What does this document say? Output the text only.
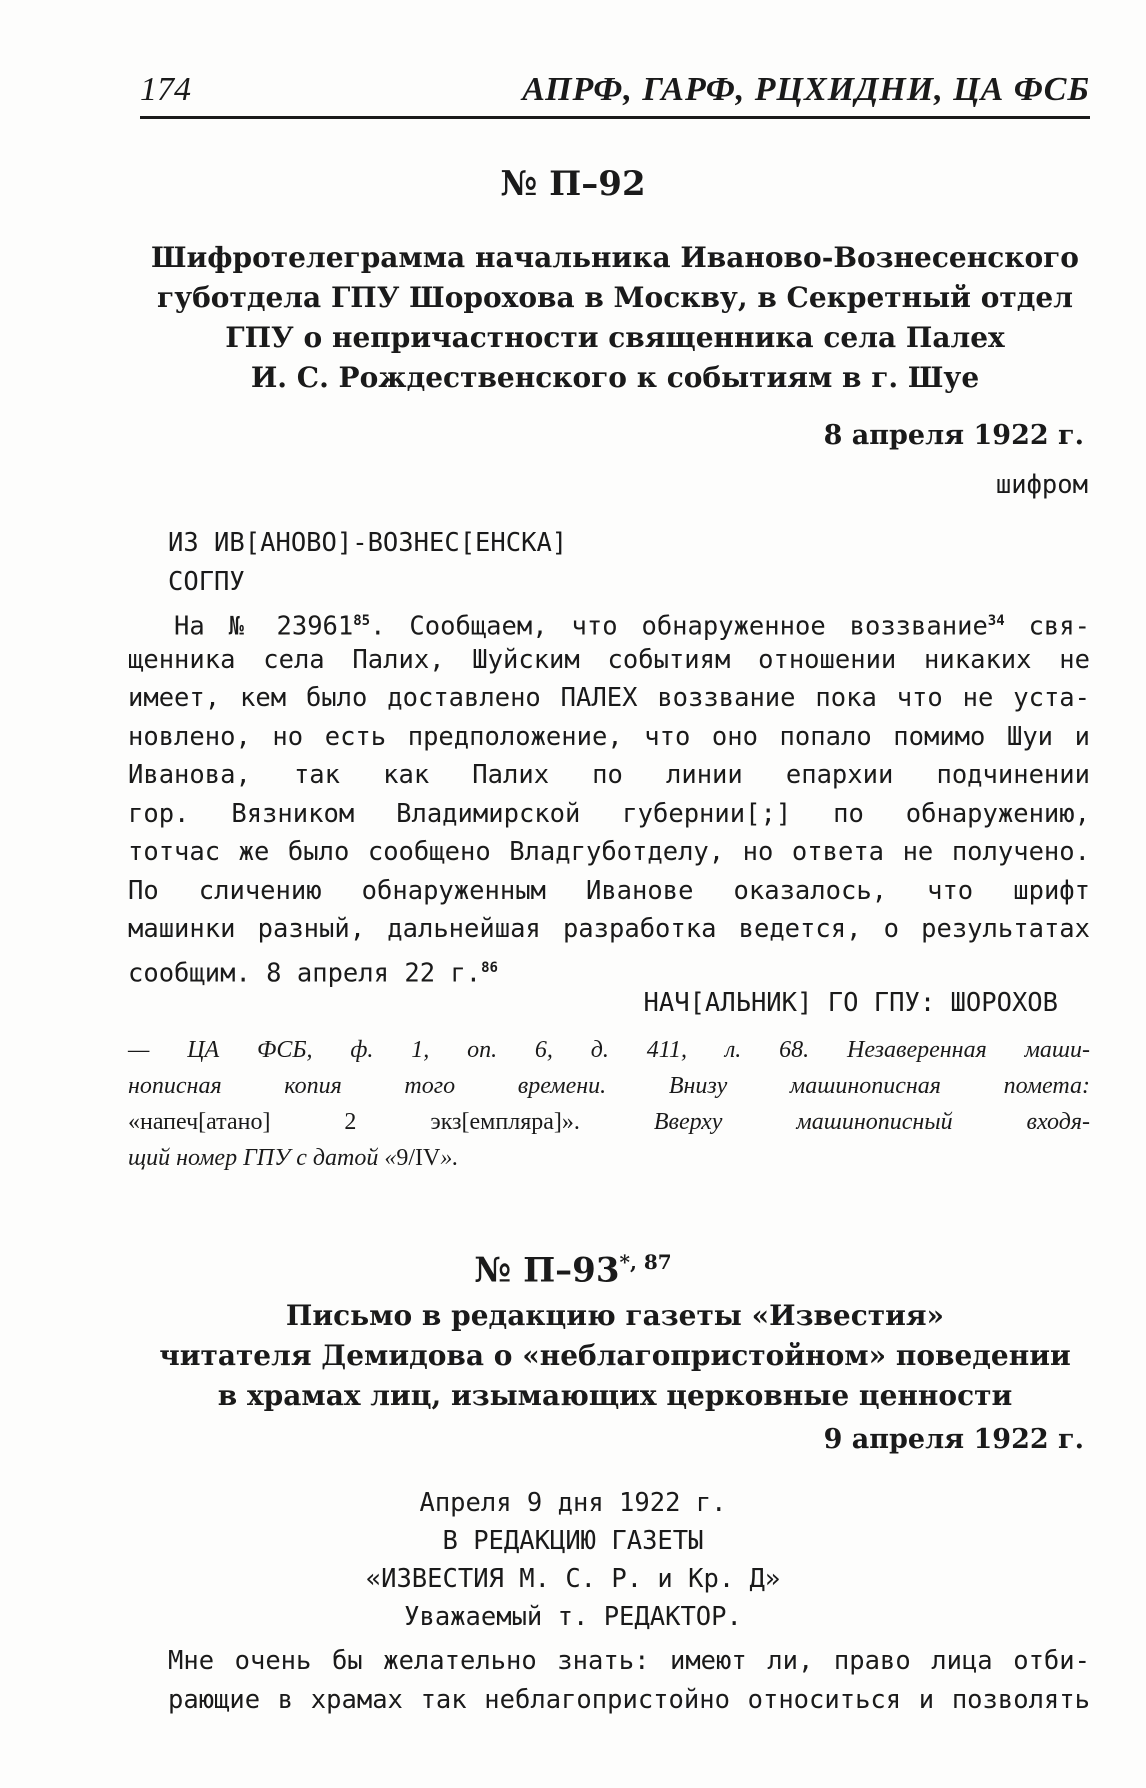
174	АПРФ, ГАРФ, РЦХИДНИ, ЦА ФСБ
№ П–92
Шифротелеграмма начальника Иваново-Вознесенского
губотдела ГПУ Шорохова в Москву, в Секретный отдел
ГПУ о непричастности священника села Палех
И. С. Рождественского к событиям в г. Шуе
8 апреля 1922 г.
шифром
ИЗ ИВ[АНОВО]-ВОЗНЕС[ЕНСКА]
СОГПУ
На № 23961$^{85}$. Сообщаем, что обнаруженное воззвание$^{34}$ свя-
щенника села Палих, Шуйским событиям отношении никаких не
имеет, кем было доставлено ПАЛЕХ воззвание пока что не уста-
новлено, но есть предположение, что оно попало помимо Шуи и
Иванова, так как Палих по линии епархии подчинении
гор. Вязником Владимирской губернии[;] по обнаружению,
тотчас же было сообщено Владгуботделу, но ответа не получено.
По сличению обнаруженным Иванове оказалось, что шрифт
машинки разный, дальнейшая разработка ведется, о результатах
сообщим. 8 апреля 22 г.$^{86}$
НАЧ[АЛЬНИК] ГО ГПУ: ШОРОХОВ
— ЦА ФСБ, ф. 1, оп. 6, д. 411, л. 68. Незаверенная маши-
нописная копия того времени. Внизу машинописная помета:
«напеч[атано] 2 экз[емпляра]». Вверху машинописный входя-
щий номер ГПУ с датой «9/IV».
№ $П-93^{*, 87}$
Письмо в редакцию газеты «Известия»
читателя Демидова о «неблагопристойном» поведении
в храмах лиц, изымающих церковные ценности
9 апреля 1922 г.
Апреля 9 дня 1922 г.
В РЕДАКЦИЮ ГАЗЕТЫ
«ИЗВЕСТИЯ М. С. Р. и Кр. Д»
Уважаемый т. РЕДАКТОР.
Мне очень бы желательно знать: имеют ли, право лица отби-
рающие в храмах так неблагопристойно относиться и позволять
